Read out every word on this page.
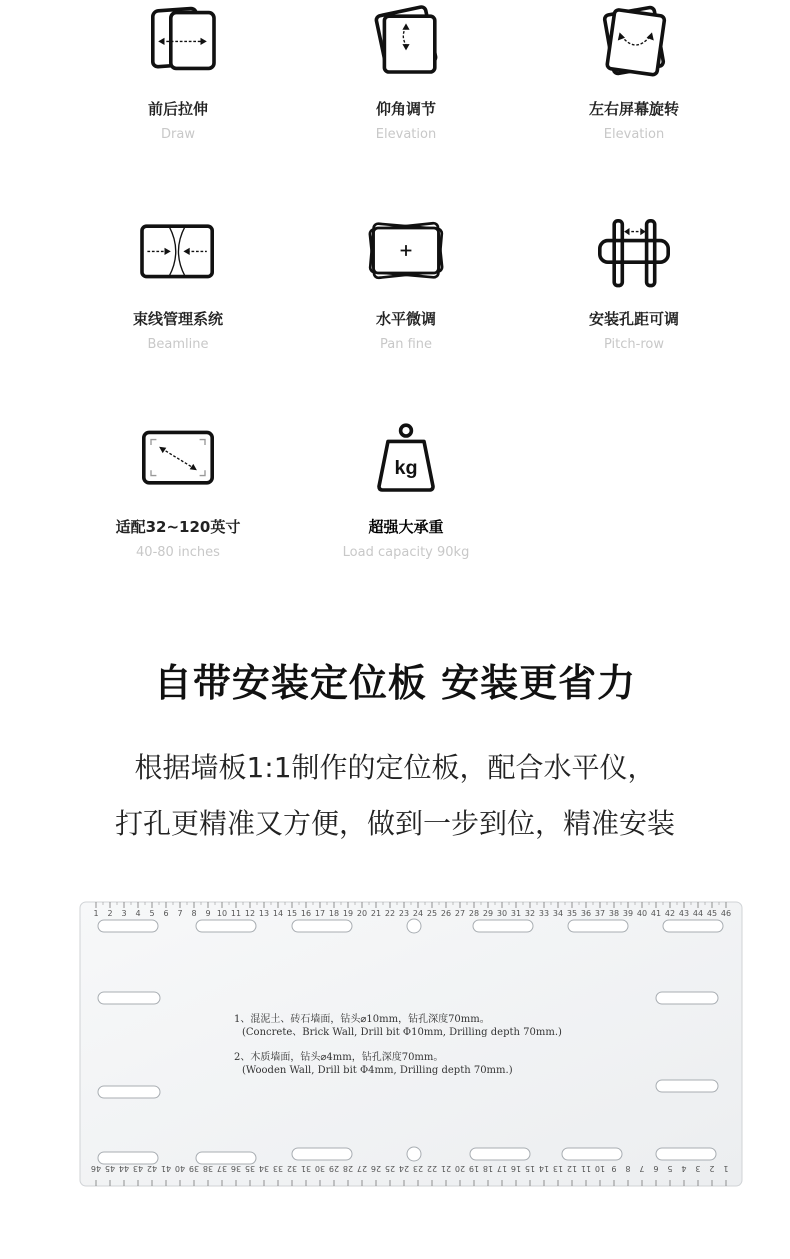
前后拉伸
Draw
仰角调节
Elevation
左右屏幕旋转
Elevation
束线管理系统
Beamline
水平微调
Pan fine
安装孔距可调
Pitch-row
适配32~120英寸
40-80 inches
kg
超强大承重
Load capacity 90kg
自带安装定位板 安装更省力
根据墙板1:1制作的定位板，配合水平仪，
打孔更精准又方便，做到一步到位，精准安装
1 2 3 4 5 6 7 8 9 10 11 12 13 14 15 16 17 18 19 20 21 22 23 24 25 26 27 28 29 30 31 32 33 34 35 36 37 38 39 40 41 42 43 44 45 46
1
2
3
4
5
6
7
8
9
10
11
12
13
14
15
16
17
18
19
20
21
22
23
24
25
26
27
28
29
30
31
32
33
34
35
36
37
38
39
40
41
42
43
44
45
46
1、混泥土、砖石墙面，钻头⌀10mm，钻孔深度70mm。
(Concrete、Brick Wall, Drill bit Φ10mm, Drilling depth 70mm.)
2、木质墙面，钻头⌀4mm，钻孔深度70mm。
(Wooden Wall, Drill bit Φ4mm, Drilling depth 70mm.)
